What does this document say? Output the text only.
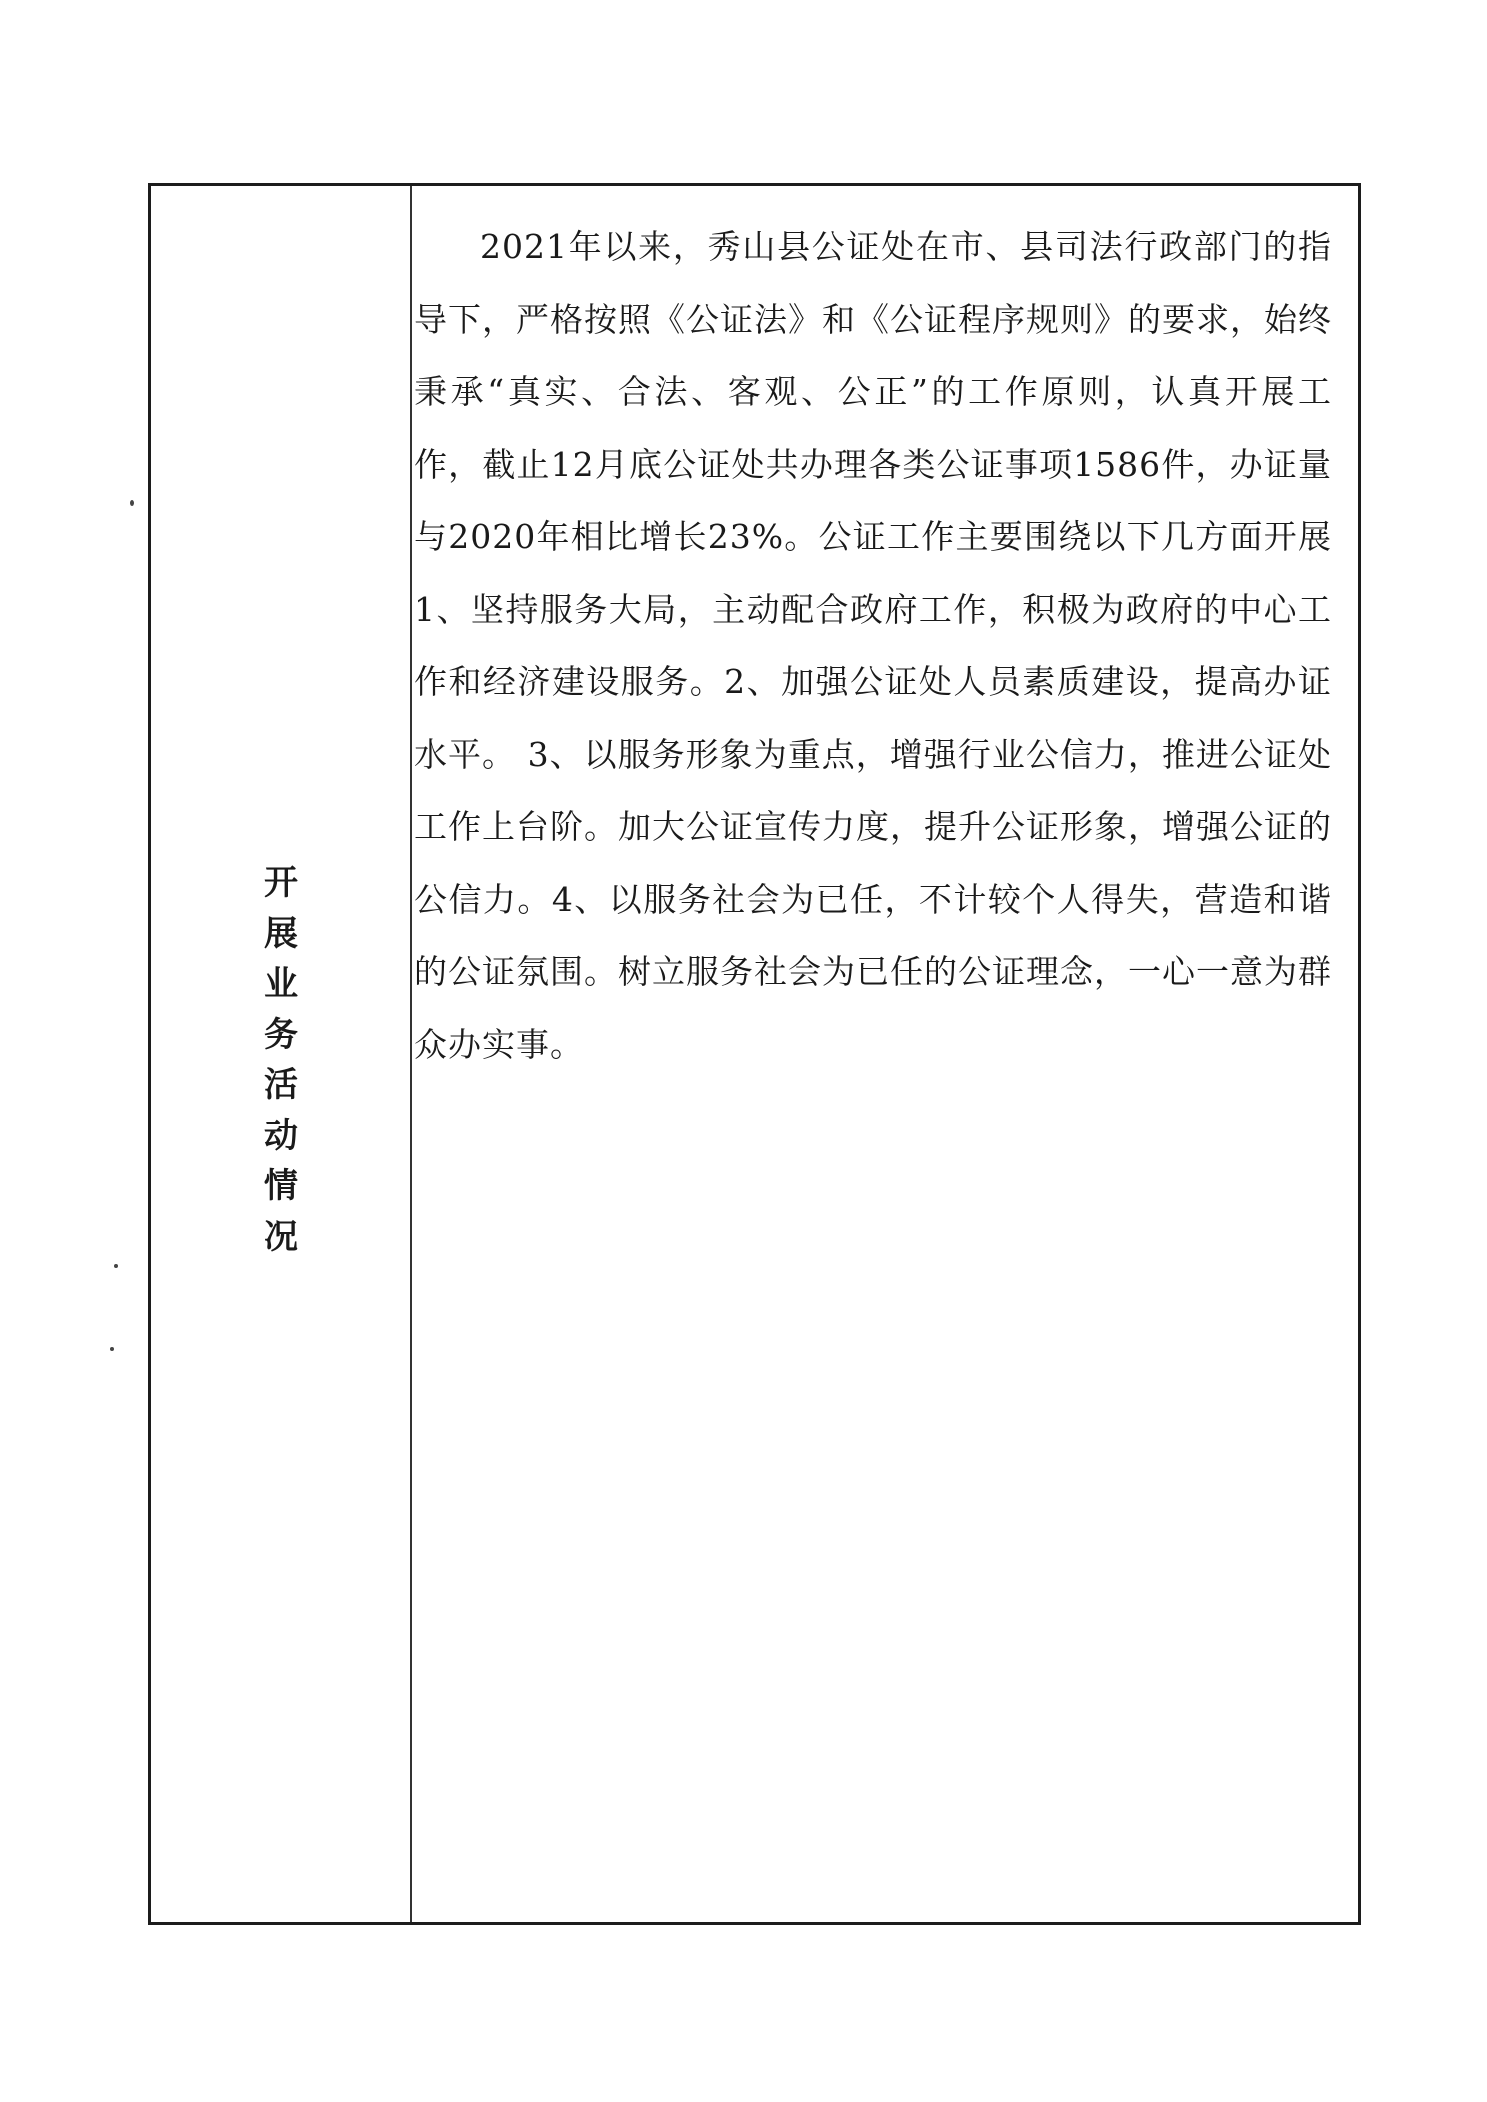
开展业务活动情况

2021年以来，秀山县公证处在市、县司法行政部门的指导下，严格按照《公证法》和《公证程序规则》的要求，始终秉承“真实、合法、客观、公正”的工作原则，认真开展工作，截止12月底公证处共办理各类公证事项1586件，办证量与2020年相比增长23%。公证工作主要围绕以下几方面开展1、坚持服务大局，主动配合政府工作，积极为政府的中心工作和经济建设服务。2、加强公证处人员素质建设，提高办证水平。 3、以服务形象为重点，增强行业公信力，推进公证处工作上台阶。加大公证宣传力度，提升公证形象，增强公证的公信力。4、以服务社会为已任，不计较个人得失，营造和谐的公证氛围。树立服务社会为已任的公证理念，一心一意为群众办实事。
